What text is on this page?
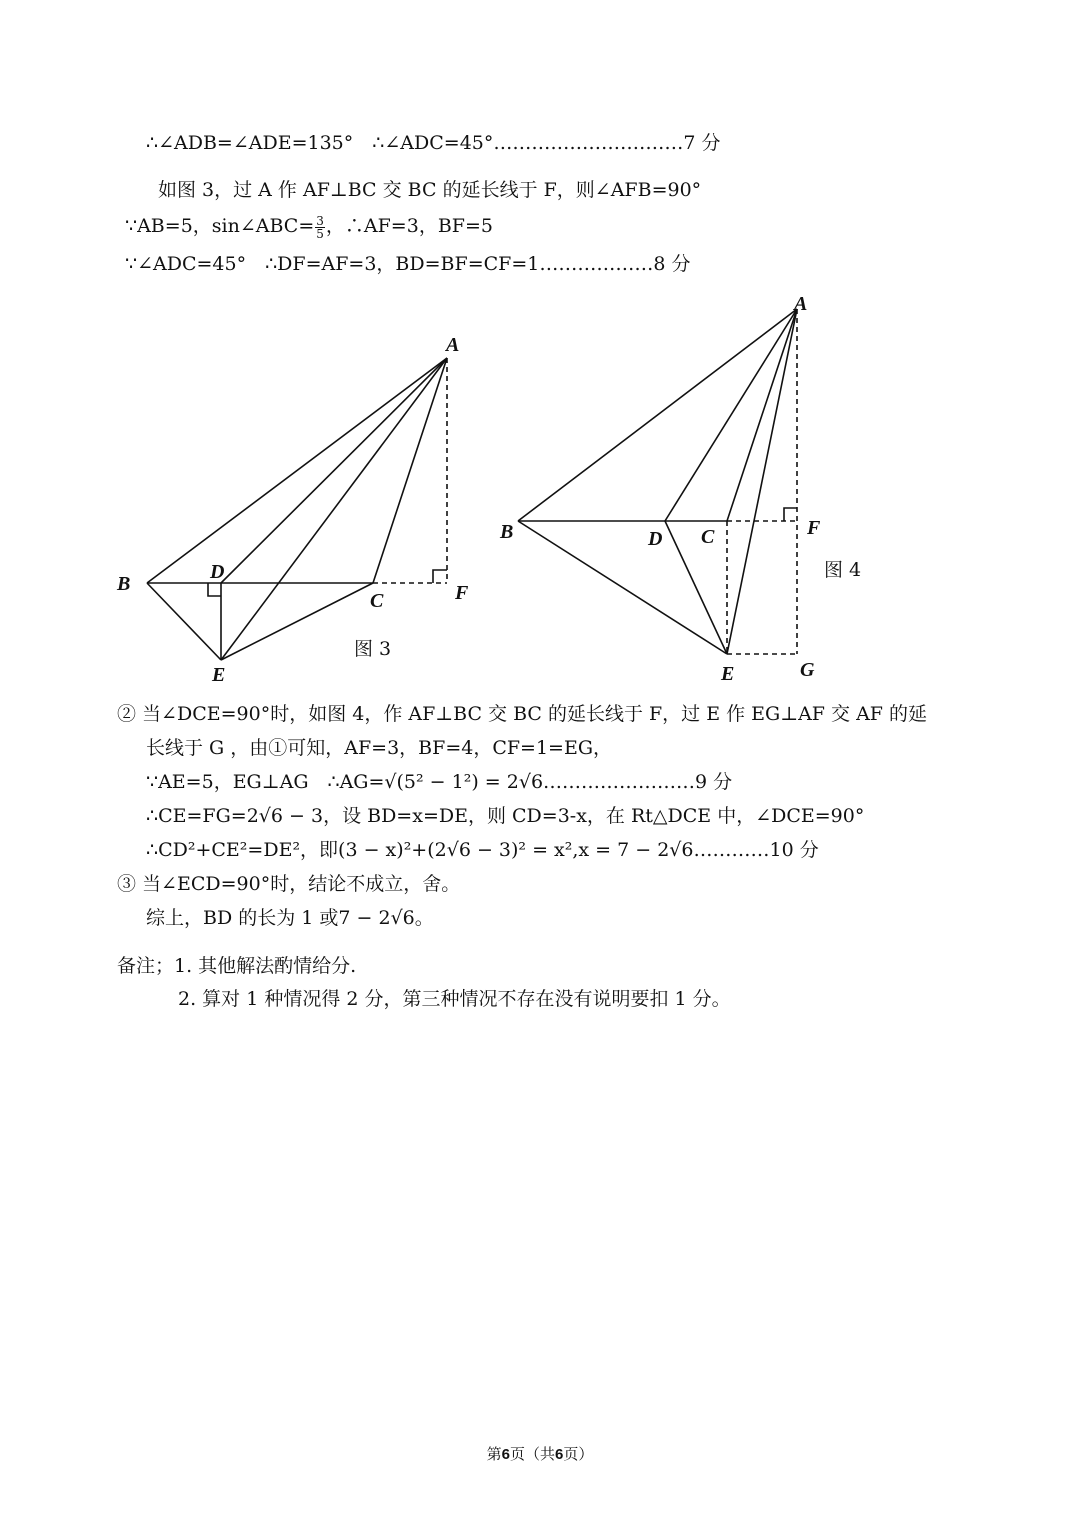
∴∠ADB=∠ADE=135°　∴∠ADC=45°…………………………7 分
如图 3，过 A 作 AF⊥BC 交 BC 的延长线于 F，则∠AFB=90°
∵AB=5，sin∠ABC= $\frac{3}{5}$ ，∴AF=3，BF=5
∵∠ADC=45°　∴DF=AF=3，BD=BF=CF=1………………8 分
A
B
D
C	F
E
图 3
A
B	D C	F
E	G
图 4
② 当∠DCE=90°时，如图 4，作 AF⊥BC 交 BC 的延长线于 F，过 E 作 EG⊥AF 交 AF 的延
长线于 G ，由①可知，AF=3，BF=4，CF=1=EG，
∵AE=5，EG⊥AG　∴AG=√(5² − 1²) = 2√6……………………9 分
∴CE=FG=2√6 − 3，设 BD=x=DE，则 CD=3-x，在 Rt△DCE 中，∠DCE=90°
∴CD²+CE²=DE²，即(3 − x)²+(2√6 − 3)² = x²,x = 7 − 2√6…………10 分
③ 当∠ECD=90°时，结论不成立，舍。
综上，BD 的长为 1 或7 − 2√6。
备注；1. 其他解法酌情给分.
2. 算对 1 种情况得 2 分，第三种情况不存在没有说明要扣 1 分。
第6页（共6页）
